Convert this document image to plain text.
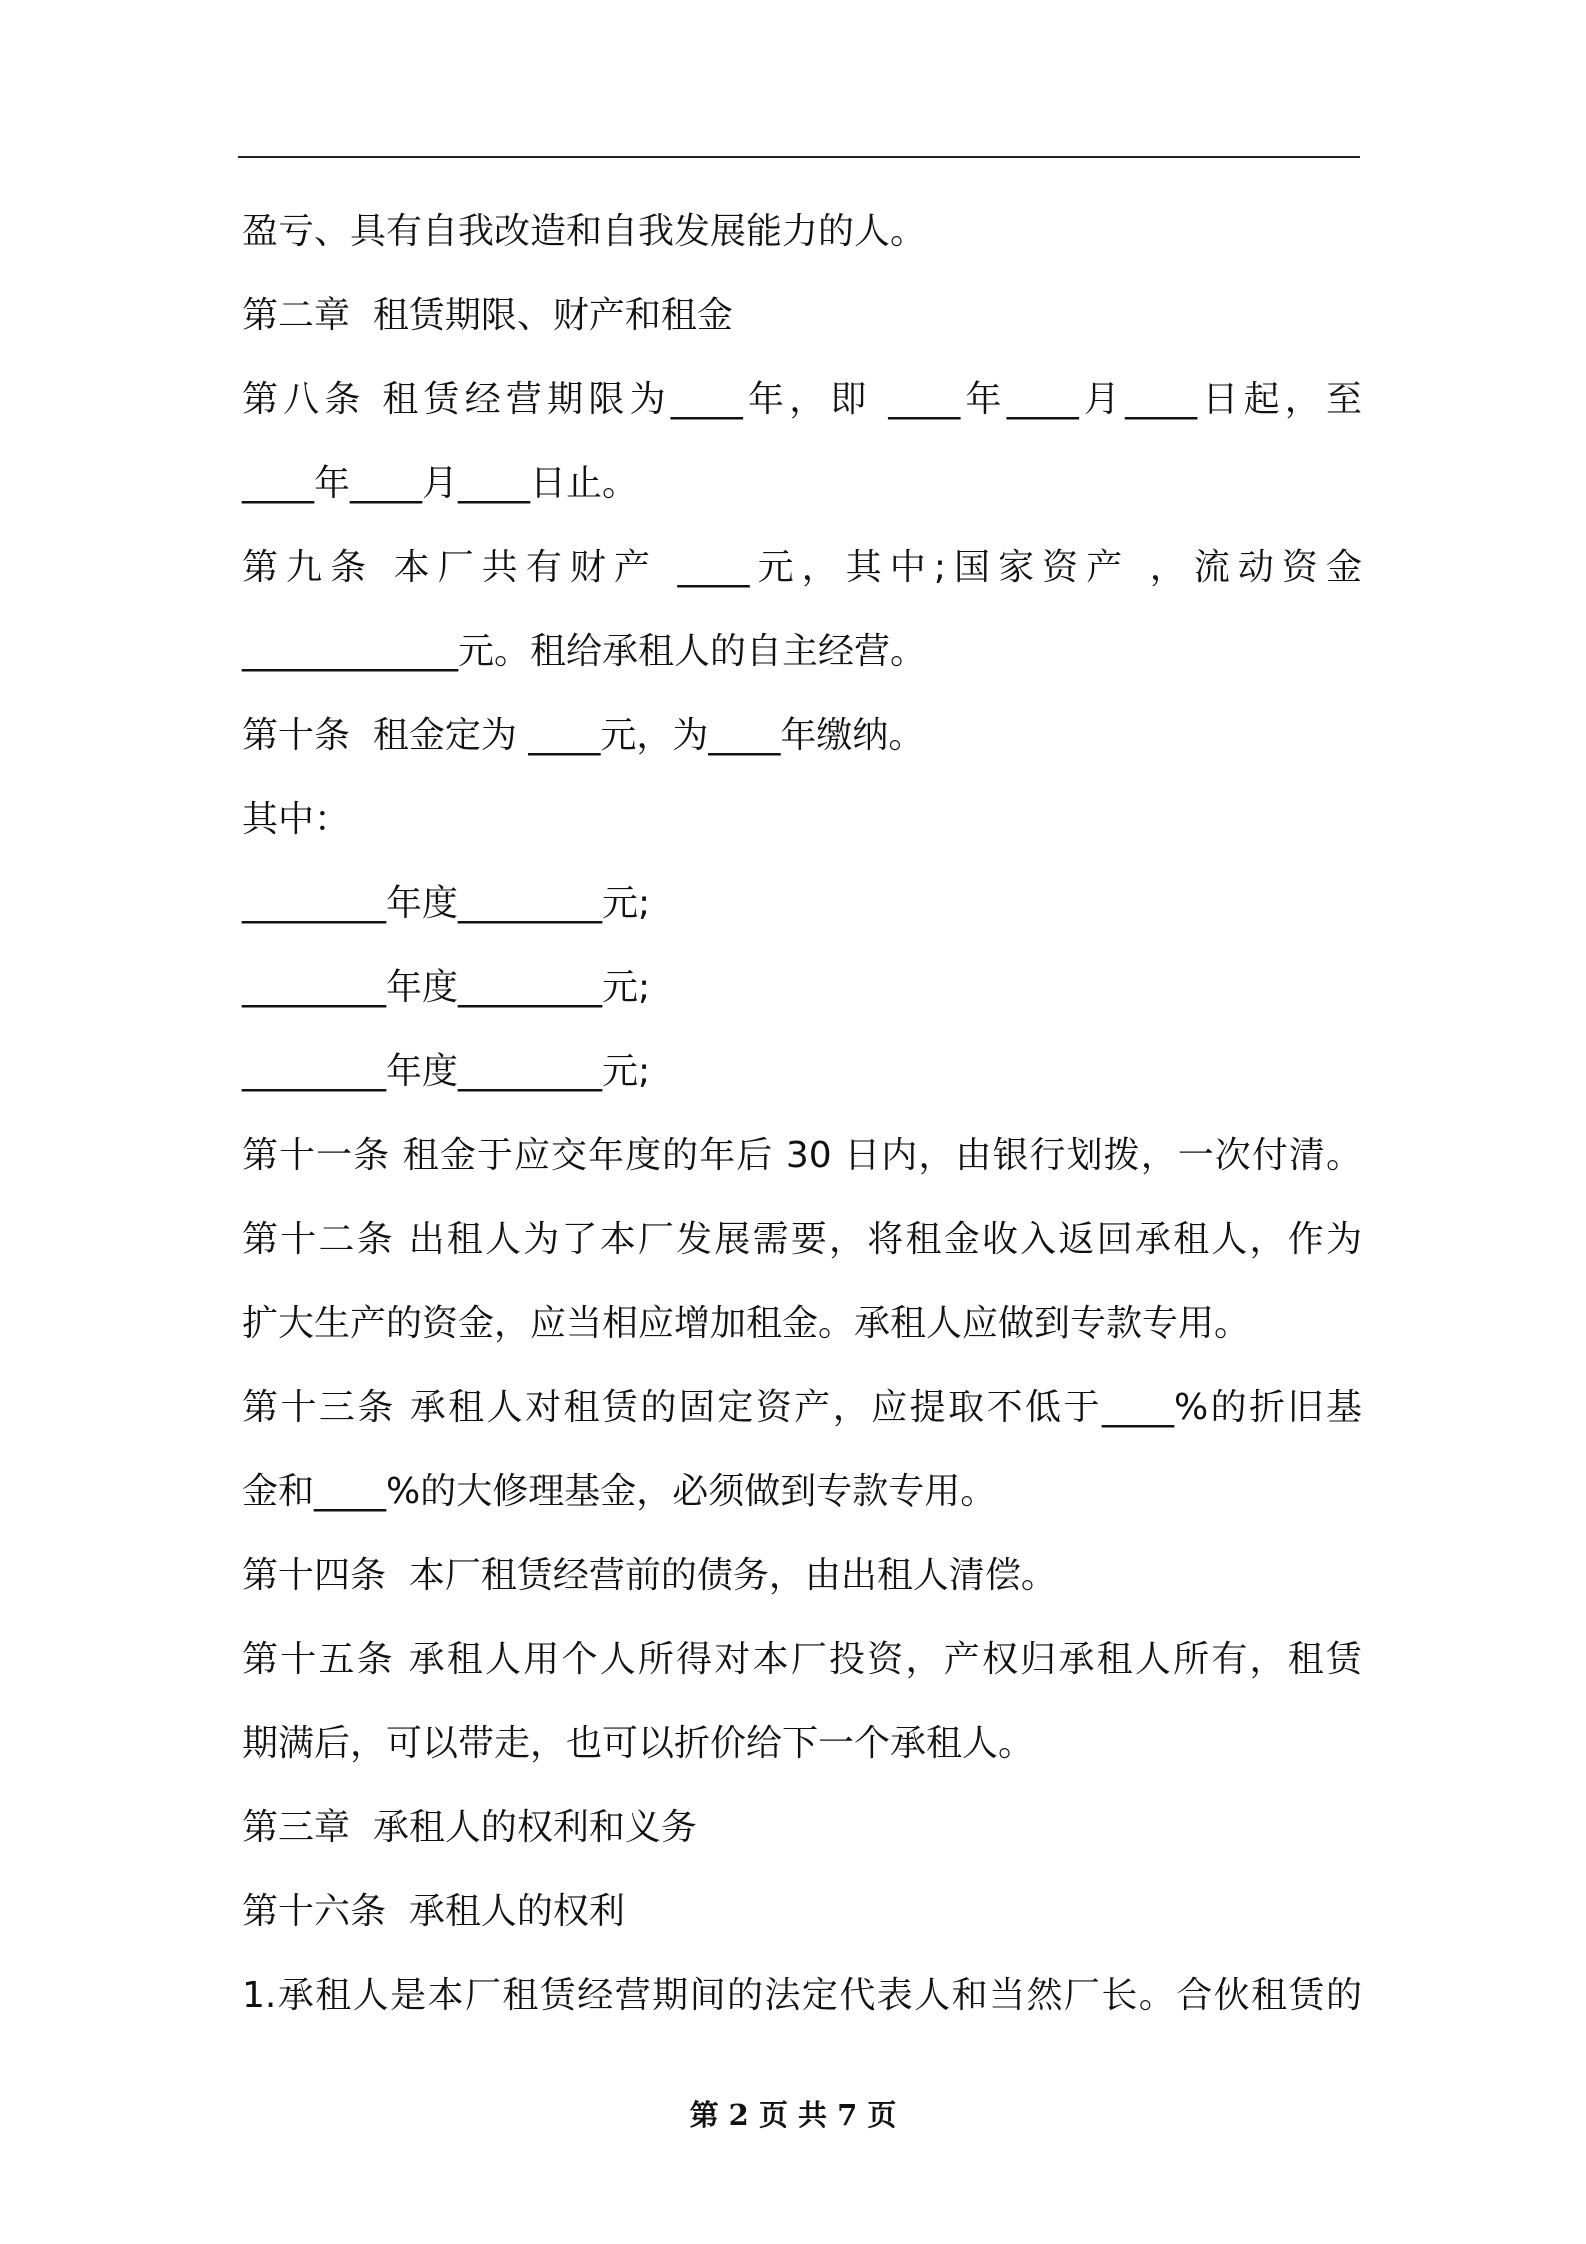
盈亏、具有自我改造和自我发展能力的人。
第二章  租赁期限、财产和租金
第八条 租赁经营期限为____年，即 ____年____月____日起，至
____年____月____日止。
第九条 本厂共有财产 ____元，其中;国家资产 ，流动资金
____________元。租给承租人的自主经营。
第十条  租金定为 ____元，为____年缴纳。
其中：
________年度________元;
________年度________元;
________年度________元;
第十一条 租金于应交年度的年后 30 日内，由银行划拨，一次付清。
第十二条 出租人为了本厂发展需要，将租金收入返回承租人，作为
扩大生产的资金，应当相应增加租金。承租人应做到专款专用。
第十三条 承租人对租赁的固定资产，应提取不低于____%的折旧基
金和____%的大修理基金，必须做到专款专用。
第十四条  本厂租赁经营前的债务，由出租人清偿。
第十五条 承租人用个人所得对本厂投资，产权归承租人所有，租赁
期满后，可以带走，也可以折价给下一个承租人。
第三章  承租人的权利和义务
第十六条  承租人的权利
1.承租人是本厂租赁经营期间的法定代表人和当然厂长。合伙租赁的
第 2 页 共 7 页
